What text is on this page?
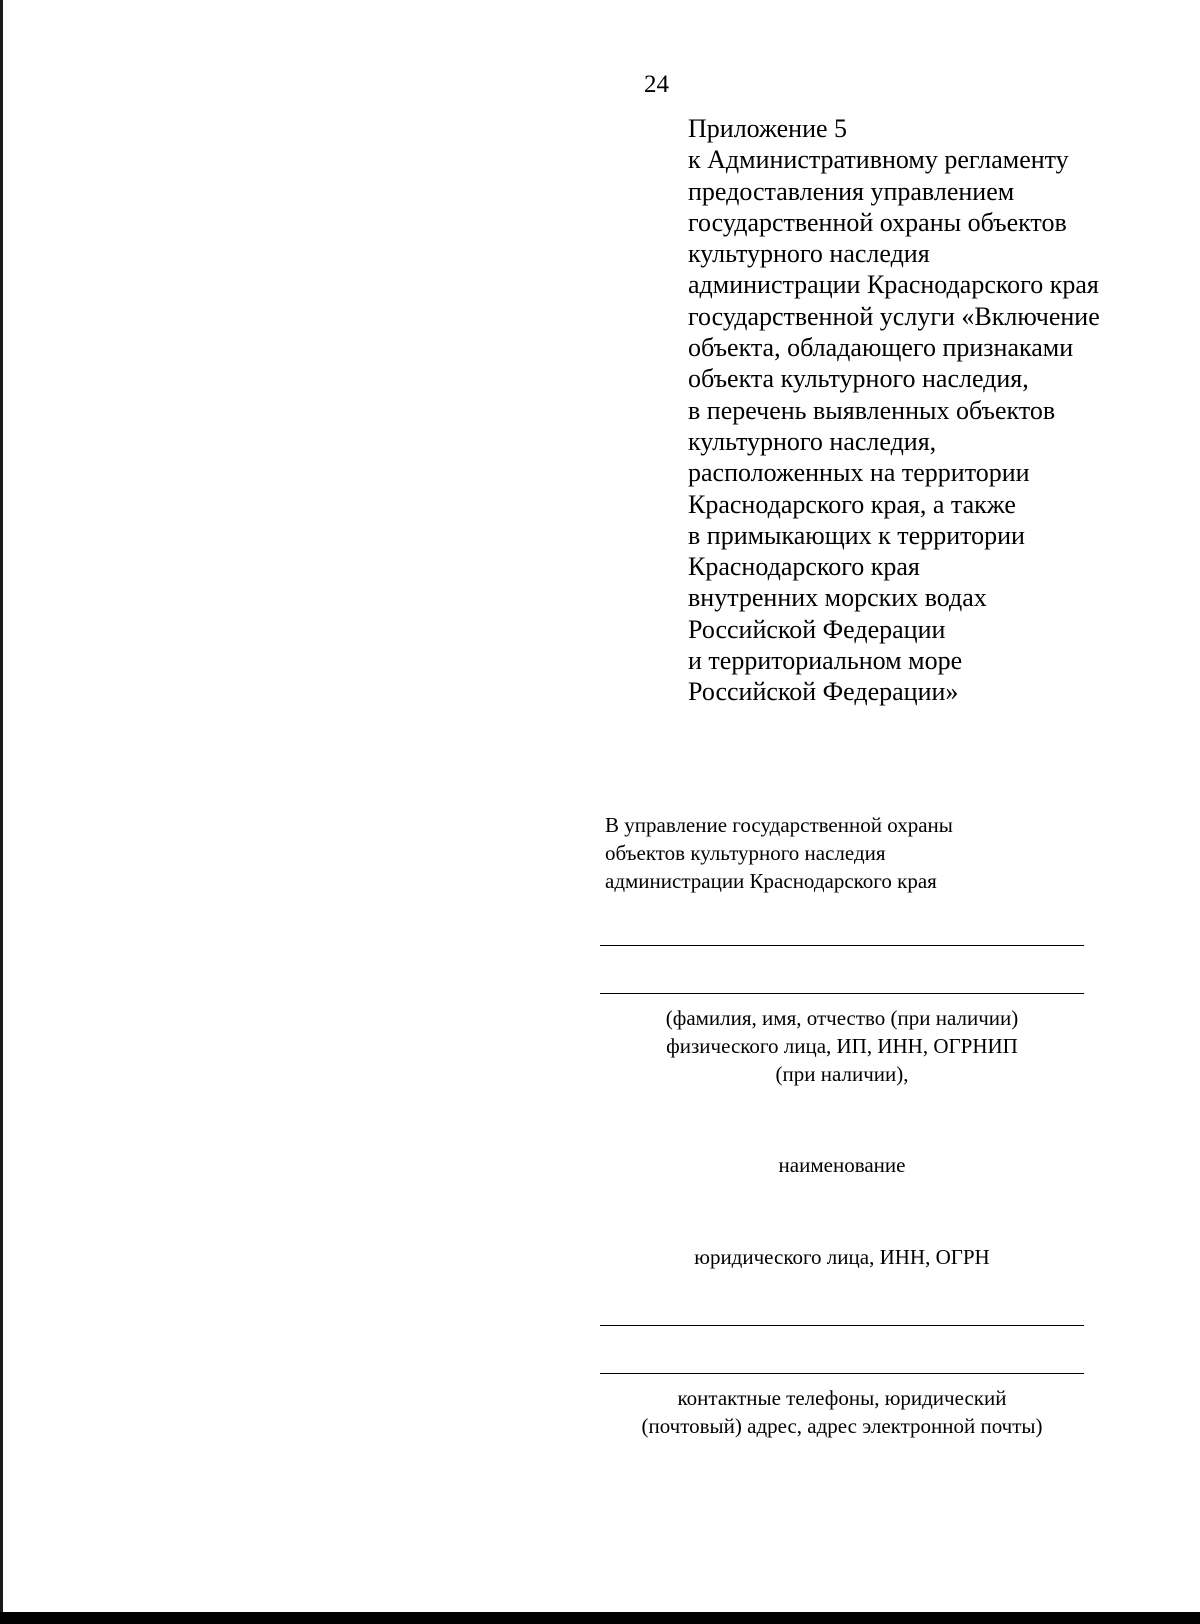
24
Приложение 5
к Административному регламенту
предоставления управлением
государственной охраны объектов
культурного наследия
администрации Краснодарского края
государственной услуги «Включение
объекта, обладающего признаками
объекта культурного наследия,
в перечень выявленных объектов
культурного наследия,
расположенных на территории
Краснодарского края, а также
в примыкающих к территории
Краснодарского края
внутренних морских водах
Российской Федерации
и территориальном море
Российской Федерации»
В управление государственной охраны
объектов культурного наследия
администрации Краснодарского края
(фамилия, имя, отчество (при наличии)
физического лица, ИП, ИНН, ОГРНИП
(при наличии),
наименование
юридического лица, ИНН, ОГРН
контактные телефоны, юридический
(почтовый) адрес, адрес электронной почты)
